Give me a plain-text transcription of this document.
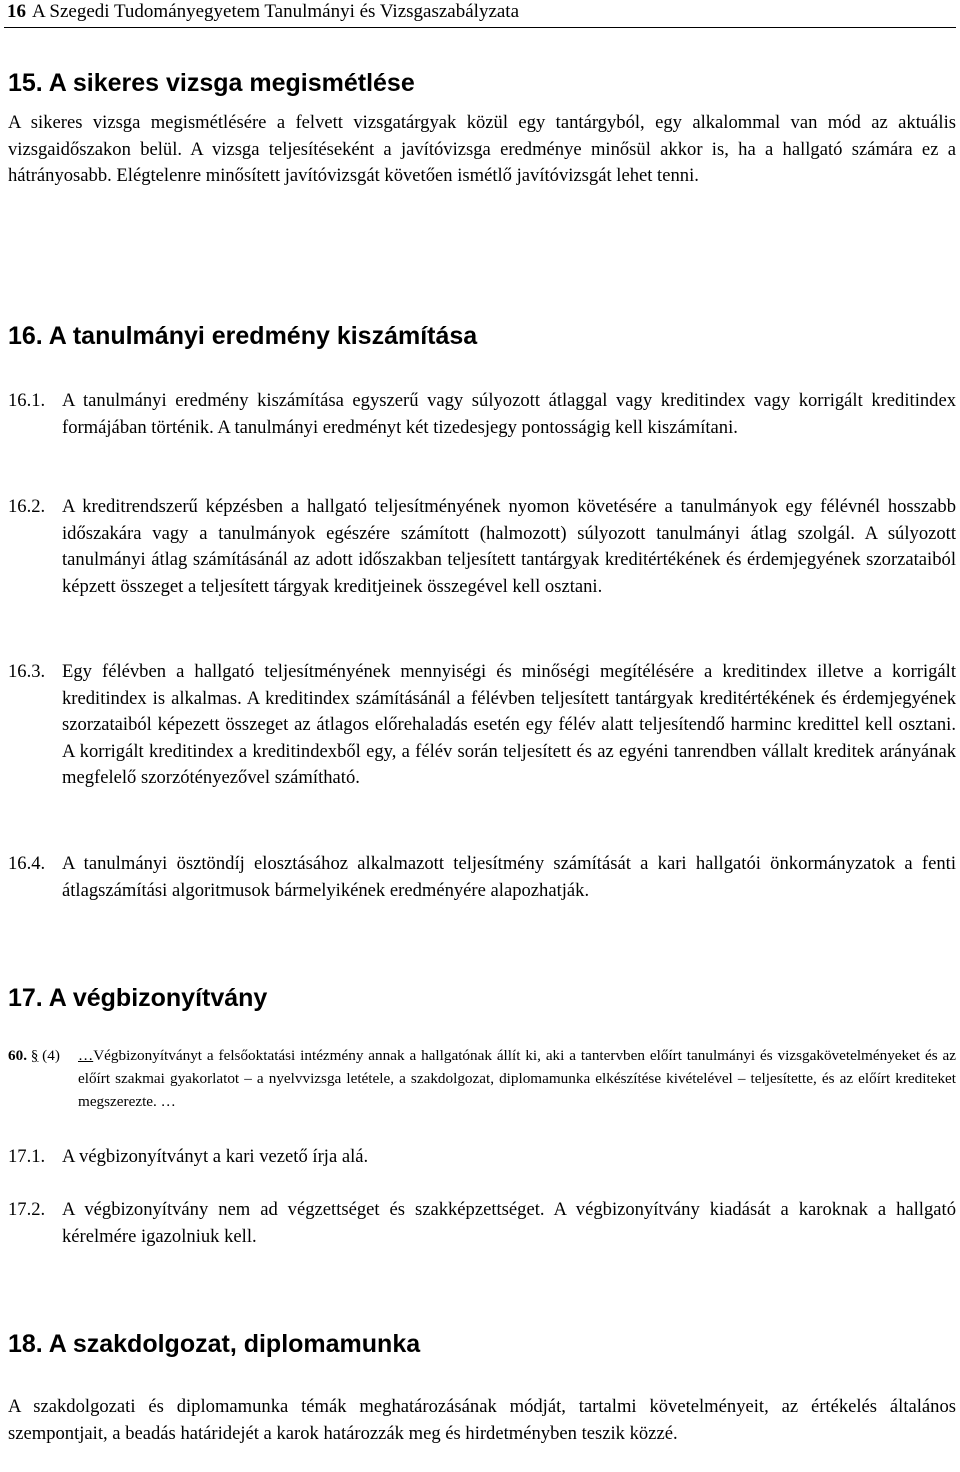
16 A Szegedi Tudományegyetem Tanulmányi és Vizsgaszabályzata
15. A sikeres vizsga megismétlése

A sikeres vizsga megismétlésére a felvett vizsgatárgyak közül egy tantárgyból, egy alkalommal van mód az aktuális vizsgaidőszakon belül. A vizsga teljesítéseként a javítóvizsga eredménye minősül akkor is, ha a hallgató számára ez a hátrányosabb. Elégtelenre minősített javítóvizsgát követően ismétlő javítóvizsgát lehet tenni.

16. A tanulmányi eredmény kiszámítása
16.1. A tanulmányi eredmény kiszámítása egyszerű vagy súlyozott átlaggal vagy kreditindex vagy korrigált kreditindex formájában történik. A tanulmányi eredményt két tizedesjegy pontosságig kell kiszámítani.
16.2. A kreditrendszerű képzésben a hallgató teljesítményének nyomon követésére a tanulmányok egy félévnél hosszabb időszakára vagy a tanulmányok egészére számított (halmozott) súlyozott tanulmányi átlag szolgál. A súlyozott tanulmányi átlag számításánál az adott időszakban teljesített tantárgyak kreditértékének és érdemjegyének szorzataiból képzett összeget a teljesített tárgyak kreditjeinek összegével kell osztani.
16.3. Egy félévben a hallgató teljesítményének mennyiségi és minőségi megítélésére a kreditindex illetve a korrigált kreditindex is alkalmas. A kreditindex számításánál a félévben teljesített tantárgyak kreditértékének és érdemjegyének szorzataiból képezett összeget az átlagos előrehaladás esetén egy félév alatt teljesítendő harminc kredittel kell osztani. A korrigált kreditindex a kreditindexből egy, a félév során teljesített és az egyéni tanrendben vállalt kreditek arányának megfelelő szorzótényezővel számítható.
16.4. A tanulmányi ösztöndíj elosztásához alkalmazott teljesítmény számítását a kari hallgatói önkormányzatok a fenti átlagszámítási algoritmusok bármelyikének eredményére alapozhatják.
17. A végbizonyítvány
60. § (4)	…Végbizonyítványt a felsőoktatási intézmény annak a hallgatónak állít ki, aki a tantervben előírt tanulmányi és vizsgakövetelményeket és az előírt szakmai gyakorlatot – a nyelvvizsga letétele, a szakdolgozat, diplomamunka elkészítése kivételével – teljesítette, és az előírt krediteket megszerezte. …
17.1. A végbizonyítványt a kari vezető írja alá.
17.2. A végbizonyítvány nem ad végzettséget és szakképzettséget. A végbizonyítvány kiadását a karoknak a hallgató kérelmére igazolniuk kell.
18. A szakdolgozat, diplomamunka

A szakdolgozati és diplomamunka témák meghatározásának módját, tartalmi követelményeit, az értékelés általános szempontjait, a beadás határidejét a karok határozzák meg és hirdetményben teszik közzé.
